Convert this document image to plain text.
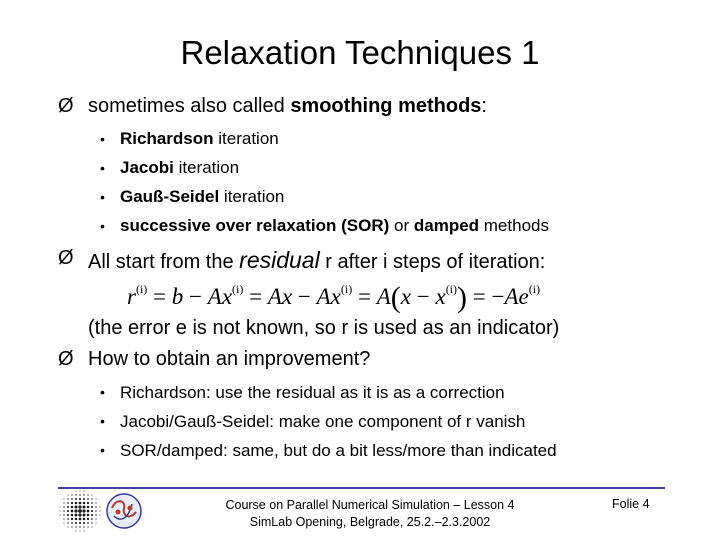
Relaxation Techniques 1
Ø sometimes also called smoothing methods:
• Richardson iteration
• Jacobi iteration
• Gauß-Seidel iteration
• successive over relaxation (SOR) or damped methods
Ø All start from the residual r after i steps of iteration:
$r^{(i)} = b - Ax^{(i)} = Ax - Ax^{(i)} = A(x - x^{(i)}) = -Ae^{(i)}$
(the error e is not known, so r is used as an indicator)
Ø How to obtain an improvement?
• Richardson: use the residual as it is as a correction
• Jacobi/Gauß-Seidel: make one component of r vanish
• SOR/damped: same, but do a bit less/more than indicated
Course on Parallel Numerical Simulation – Lesson 4
SimLab Opening, Belgrade, 25.2.–2.3.2002
Folie 4
